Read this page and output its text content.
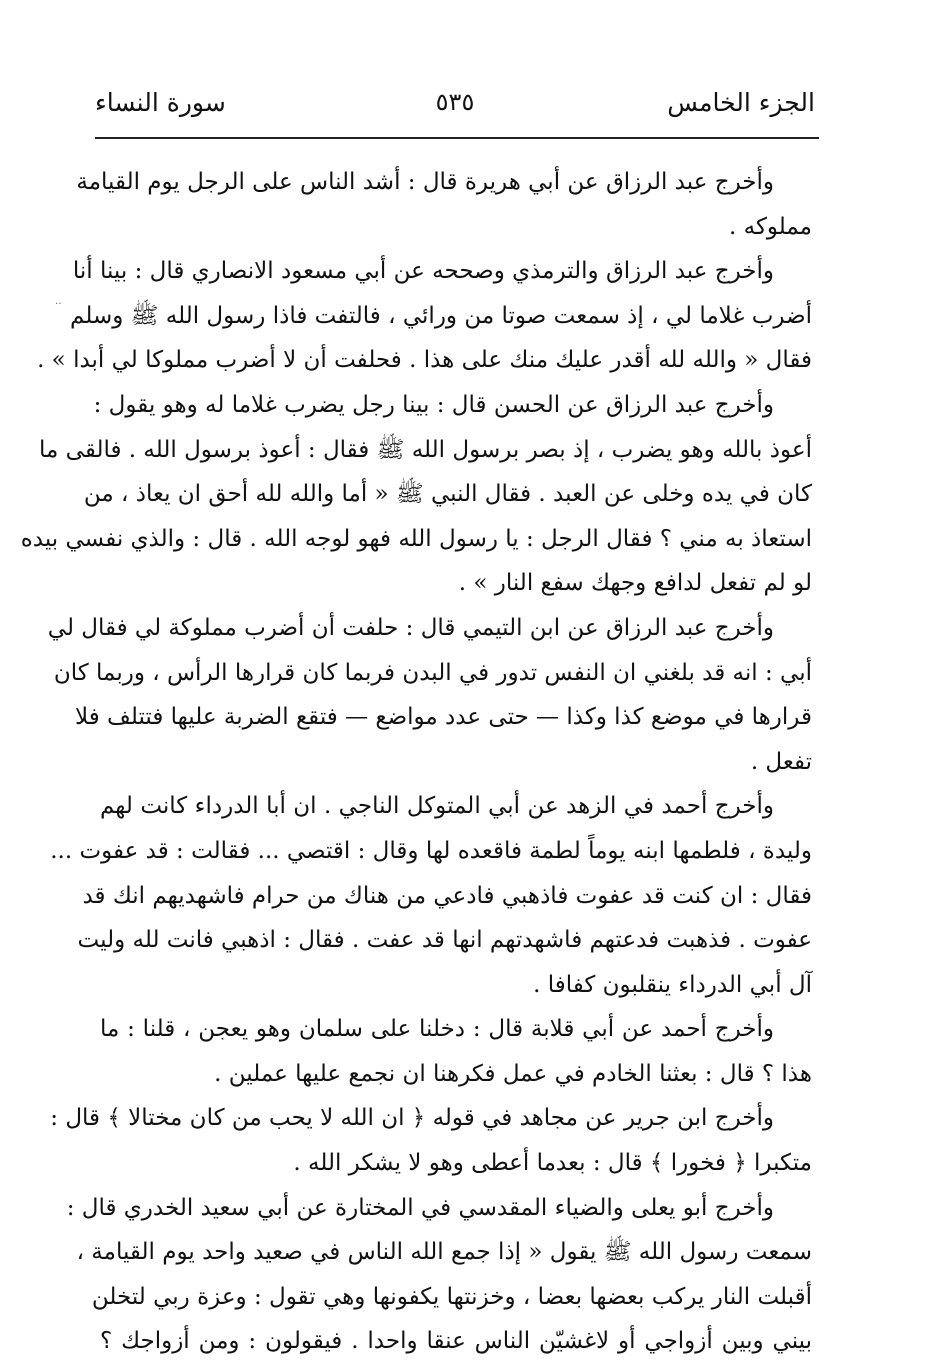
الجزء الخامس
٥٣٥
سورة النساء
‥
وأخرج عبد الرزاق عن أبي هريرة قال : أشد الناس على الرجل يوم القيامة
مملوكه .
وأخرج عبد الرزاق والترمذي وصححه عن أبي مسعود الانصاري قال : بينا أنا
أضرب غلاما لي ، إذ سمعت صوتا من ورائي ، فالتفت فاذا رسول الله ﷺ وسلم
فقال « والله لله أقدر عليك منك على هذا . فحلفت أن لا أضرب مملوكا لي أبدا » .
وأخرج عبد الرزاق عن الحسن قال : بينا رجل يضرب غلاما له وهو يقول :
أعوذ بالله وهو يضرب ، إذ بصر برسول الله ﷺ فقال : أعوذ برسول الله . فالقى ما
كان في يده وخلى عن العبد . فقال النبي ﷺ « أما والله لله أحق ان يعاذ ، من
استعاذ به مني ؟ فقال الرجل : يا رسول الله فهو لوجه الله . قال : والذي نفسي بيده
لو لم تفعل لدافع وجهك سفع النار » .
وأخرج عبد الرزاق عن ابن التيمي قال : حلفت أن أضرب مملوكة لي فقال لي
أبي : انه قد بلغني ان النفس تدور في البدن فربما كان قرارها الرأس ، وربما كان
قرارها في موضع كذا وكذا — حتى عدد مواضع — فتقع الضربة عليها فتتلف فلا
تفعل .
وأخرج أحمد في الزهد عن أبي المتوكل الناجي . ان أبا الدرداء كانت لهم
وليدة ، فلطمها ابنه يوماً لطمة فاقعده لها وقال : اقتصي ... فقالت : قد عفوت ...
فقال : ان كنت قد عفوت فاذهبي فادعي من هناك من حرام فاشهديهم انك قد
عفوت . فذهبت فدعتهم فاشهدتهم انها قد عفت . فقال : اذهبي فانت لله وليت
آل أبي الدرداء ينقلبون كفافا .
وأخرج أحمد عن أبي قلابة قال : دخلنا على سلمان وهو يعجن ، قلنا : ما
هذا ؟ قال : بعثنا الخادم في عمل فكرهنا ان نجمع عليها عملين .
وأخرج ابن جرير عن مجاهد في قوله ﴿ ان الله لا يحب من كان مختالا ﴾ قال :
متكبرا ﴿ فخورا ﴾ قال : بعدما أعطى وهو لا يشكر الله .
وأخرج أبو يعلى والضياء المقدسي في المختارة عن أبي سعيد الخدري قال :
سمعت رسول الله ﷺ يقول « إذا جمع الله الناس في صعيد واحد يوم القيامة ،
أقبلت النار يركب بعضها بعضا ، وخزنتها يكفونها وهي تقول : وعزة ربي لتخلن
بيني وبين أزواجي أو لاغشيّن الناس عنقا واحدا . فيقولون : ومن أزواجك ؟
